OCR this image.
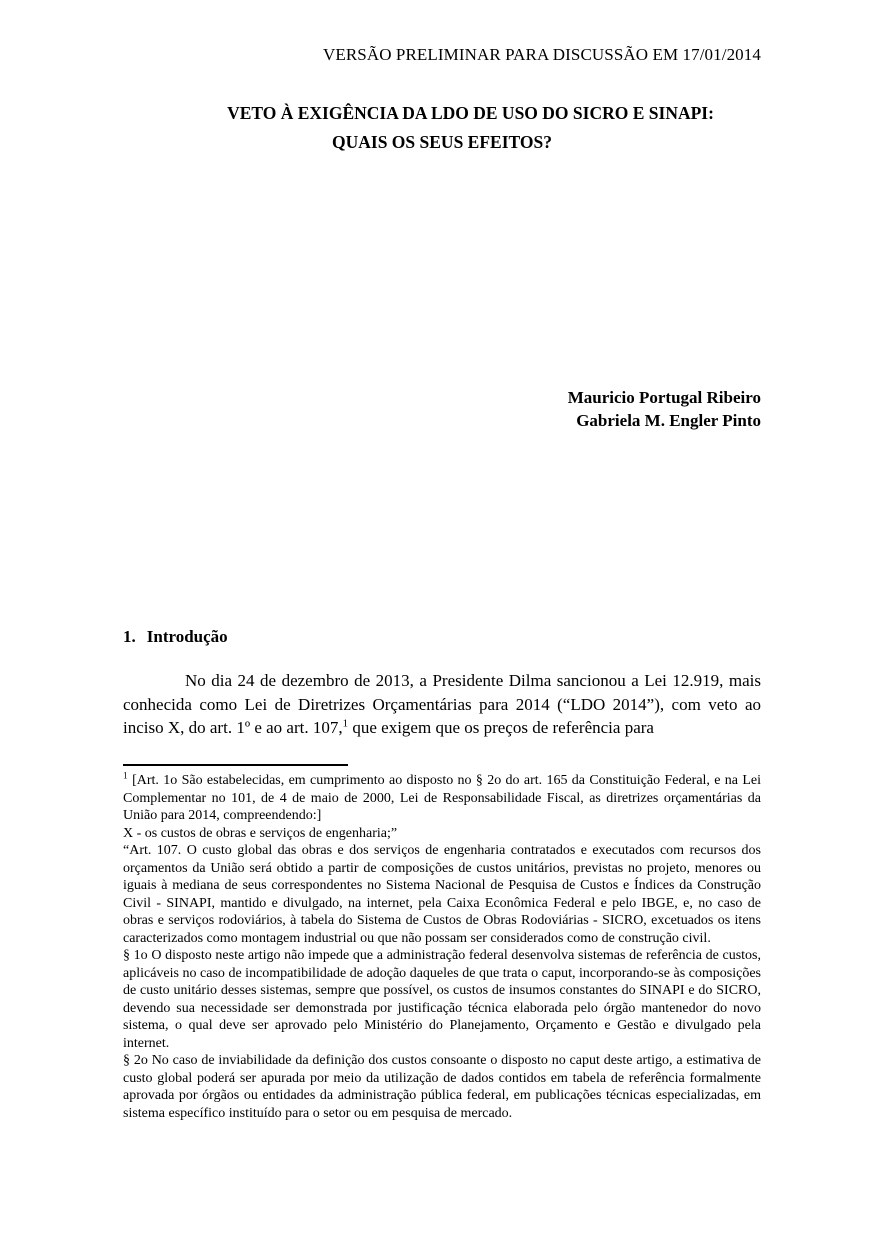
VERSÃO PRELIMINAR PARA DISCUSSÃO EM 17/01/2014
VETO À EXIGÊNCIA DA LDO DE USO DO SICRO E SINAPI:
QUAIS OS SEUS EFEITOS?
Mauricio Portugal Ribeiro
Gabriela M. Engler Pinto
1. Introdução

No dia 24 de dezembro de 2013, a Presidente Dilma sancionou a Lei 12.919, mais conhecida como Lei de Diretrizes Orçamentárias para 2014 (“LDO 2014”), com veto ao inciso X, do art. 1º e ao art. 107,$^1$ que exigem que os preços de referência para

$^1$ [Art. 1o São estabelecidas, em cumprimento ao disposto no § 2o do art. 165 da Constituição Federal, e na Lei Complementar no 101, de 4 de maio de 2000, Lei de Responsabilidade Fiscal, as diretrizes orçamentárias da União para 2014, compreendendo:]

X - os custos de obras e serviços de engenharia;”

“Art. 107. O custo global das obras e dos serviços de engenharia contratados e executados com recursos dos orçamentos da União será obtido a partir de composições de custos unitários, previstas no projeto, menores ou iguais à mediana de seus correspondentes no Sistema Nacional de Pesquisa de Custos e Índices da Construção Civil - SINAPI, mantido e divulgado, na internet, pela Caixa Econômica Federal e pelo IBGE, e, no caso de obras e serviços rodoviários, à tabela do Sistema de Custos de Obras Rodoviárias - SICRO, excetuados os itens caracterizados como montagem industrial ou que não possam ser considerados como de construção civil.

§ 1o O disposto neste artigo não impede que a administração federal desenvolva sistemas de referência de custos, aplicáveis no caso de incompatibilidade de adoção daqueles de que trata o caput, incorporando-se às composições de custo unitário desses sistemas, sempre que possível, os custos de insumos constantes do SINAPI e do SICRO, devendo sua necessidade ser demonstrada por justificação técnica elaborada pelo órgão mantenedor do novo sistema, o qual deve ser aprovado pelo Ministério do Planejamento, Orçamento e Gestão e divulgado pela internet.

§ 2o No caso de inviabilidade da definição dos custos consoante o disposto no caput deste artigo, a estimativa de custo global poderá ser apurada por meio da utilização de dados contidos em tabela de referência formalmente aprovada por órgãos ou entidades da administração pública federal, em publicações técnicas especializadas, em sistema específico instituído para o setor ou em pesquisa de mercado.
